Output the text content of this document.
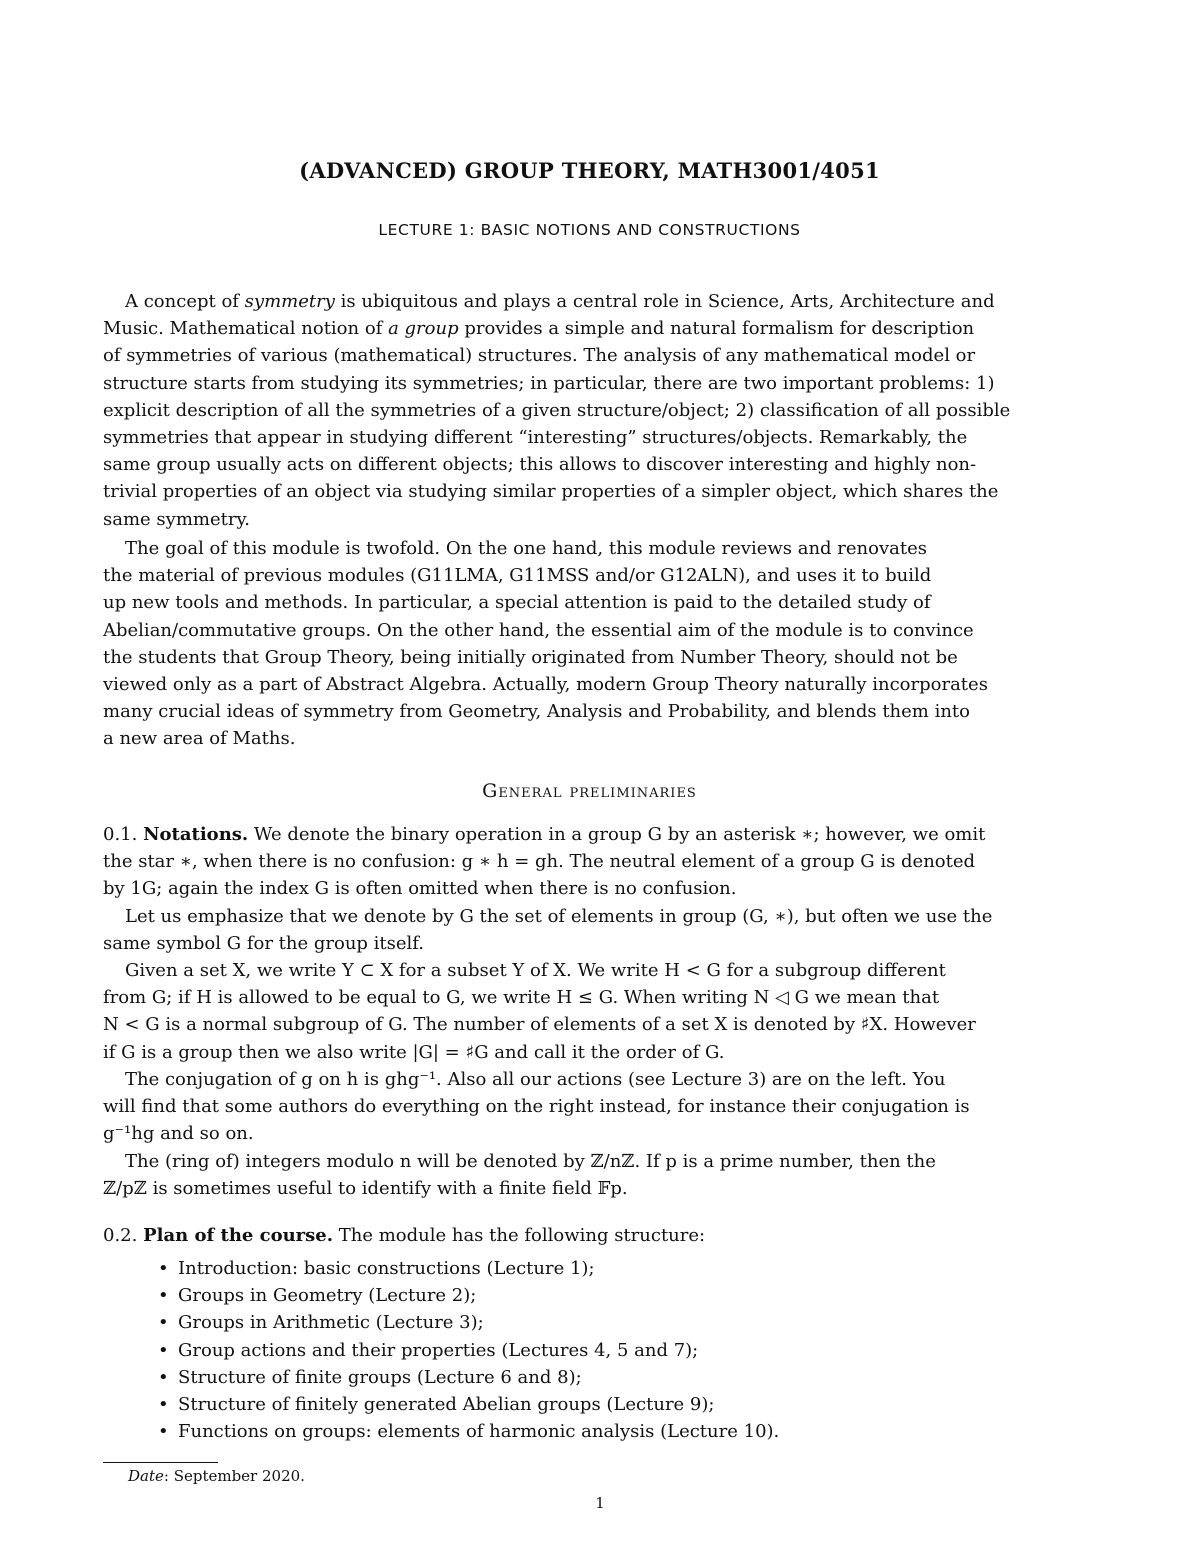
(ADVANCED) GROUP THEORY, MATH3001/4051
LECTURE 1: BASIC NOTIONS AND CONSTRUCTIONS
A concept of symmetry is ubiquitous and plays a central role in Science, Arts, Architecture and
Music. Mathematical notion of a group provides a simple and natural formalism for description
of symmetries of various (mathematical) structures. The analysis of any mathematical model or
structure starts from studying its symmetries; in particular, there are two important problems: 1)
explicit description of all the symmetries of a given structure/object; 2) classification of all possible
symmetries that appear in studying different “interesting” structures/objects. Remarkably, the
same group usually acts on different objects; this allows to discover interesting and highly non-
trivial properties of an object via studying similar properties of a simpler object, which shares the
same symmetry.
The goal of this module is twofold. On the one hand, this module reviews and renovates
the material of previous modules (G11LMA, G11MSS and/or G12ALN), and uses it to build
up new tools and methods. In particular, a special attention is paid to the detailed study of
Abelian/commutative groups. On the other hand, the essential aim of the module is to convince
the students that Group Theory, being initially originated from Number Theory, should not be
viewed only as a part of Abstract Algebra. Actually, modern Group Theory naturally incorporates
many crucial ideas of symmetry from Geometry, Analysis and Probability, and blends them into
a new area of Maths.
General preliminaries
0.1. Notations. We denote the binary operation in a group G by an asterisk ∗; however, we omit
the star ∗, when there is no confusion: g ∗ h = gh. The neutral element of a group G is denoted
by 1G; again the index G is often omitted when there is no confusion.
Let us emphasize that we denote by G the set of elements in group (G, ∗), but often we use the
same symbol G for the group itself.
Given a set X, we write Y ⊂ X for a subset Y of X. We write H < G for a subgroup different
from G; if H is allowed to be equal to G, we write H ≤ G. When writing N ◁ G we mean that
N < G is a normal subgroup of G. The number of elements of a set X is denoted by ♯X. However
if G is a group then we also write |G| = ♯G and call it the order of G.
The conjugation of g on h is ghg⁻¹. Also all our actions (see Lecture 3) are on the left. You
will find that some authors do everything on the right instead, for instance their conjugation is
g⁻¹hg and so on.
The (ring of) integers modulo n will be denoted by ℤ/nℤ. If p is a prime number, then the
ℤ/pℤ is sometimes useful to identify with a finite field 𝔽p.
0.2. Plan of the course. The module has the following structure:
• Introduction: basic constructions (Lecture 1);
• Groups in Geometry (Lecture 2);
• Groups in Arithmetic (Lecture 3);
• Group actions and their properties (Lectures 4, 5 and 7);
• Structure of finite groups (Lecture 6 and 8);
• Structure of finitely generated Abelian groups (Lecture 9);
• Functions on groups: elements of harmonic analysis (Lecture 10).
Date: September 2020.
1
